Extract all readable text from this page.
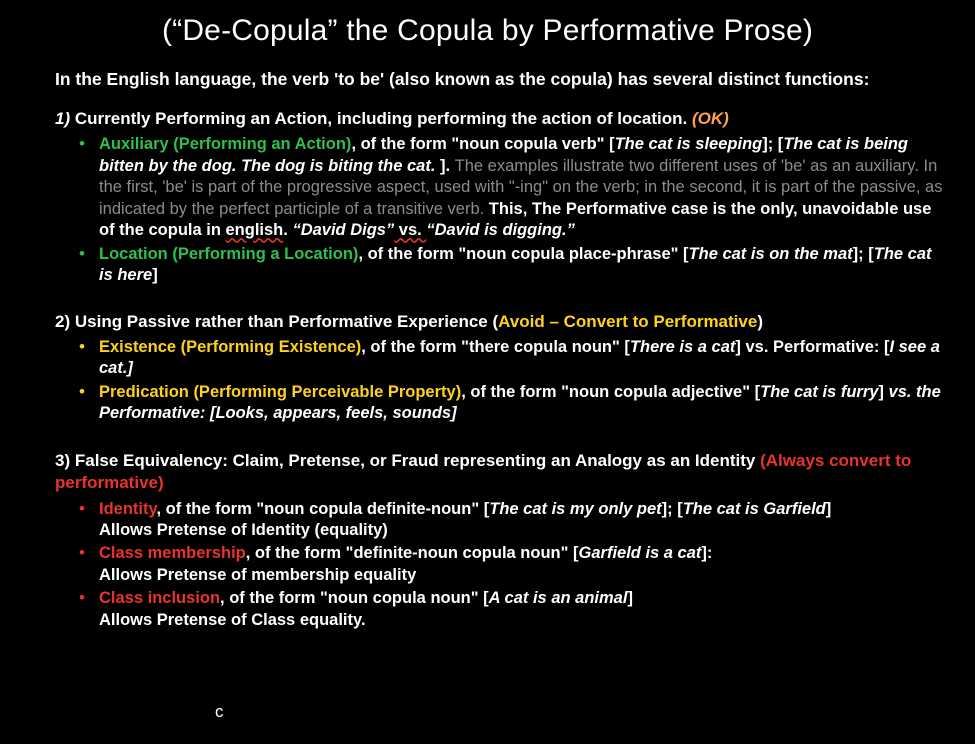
(“De-Copula” the Copula by Performative Prose)

In the English language, the verb 'to be' (also known as the copula) has several distinct functions:

1) Currently Performing an Action, including performing the action of location. (OK)
• Auxiliary (Performing an Action), of the form "noun copula verb" [The cat is sleeping]; [The cat is being bitten by the dog. The dog is biting the cat. ]. The examples illustrate two different uses of 'be' as an auxiliary. In the first, 'be' is part of the progressive aspect, used with "-ing" on the verb; in the second, it is part of the passive, as indicated by the perfect participle of a transitive verb. This, The Performative case is the only, unavoidable use of the copula in english. “David Digs” vs. “David is digging.”
• Location (Performing a Location), of the form "noun copula place-phrase" [The cat is on the mat]; [The cat is here]
2) Using Passive rather than Performative Experience (Avoid – Convert to Performative)
• Existence (Performing Existence), of the form "there copula noun" [There is a cat] vs. Performative: [I see a cat.]
• Predication (Performing Perceivable Property), of the form "noun copula adjective" [The cat is furry] vs. the Performative: [Looks, appears, feels, sounds]
3) False Equivalency: Claim, Pretense, or Fraud representing an Analogy as an Identity (Always convert to performative)
• Identity, of the form "noun copula definite-noun" [The cat is my only pet]; [The cat is Garfield]
Allows Pretense of Identity (equality)
• Class membership, of the form "definite-noun copula noun" [Garfield is a cat]:
Allows Pretense of membership equality
• Class inclusion, of the form "noun copula noun" [A cat is an animal]
Allows Pretense of Class equality.
c
